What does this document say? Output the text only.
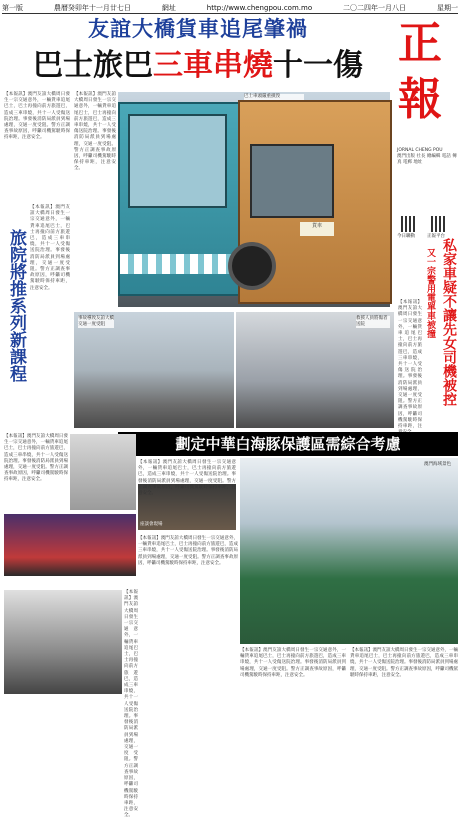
第一版	農曆癸卯年十一月廿七日	網址	http://www.chengpou.com.mo	二〇二四年一月八日	星期一
友誼大橋貨車追尾肇禍
巴士旅巴三車串燒十一傷 正報
JORNAL CHENG POU
澳門出版 社長 總編輯 電話 傳真 電郵 地址
今日聯動	正報平台
【本報訊】澳門友誼大橋周日發生一宗交通意外，一輛貨車追尾巴士，巴士再撞向前方旅遊巴，造成三車串燒，共十一人受傷送院治理。事發後消防局派員到場處理，交通一度受阻。警方正調查事故原因，呼籲司機駕駛時保持車距，注意安全。
【本報訊】澳門友誼大橋周日發生一宗交通意外，一輛貨車追尾巴士，巴士再撞向前方旅遊巴，造成三車串燒，共十一人受傷送院治理。事發後消防局派員到場處理，交通一度受阻。警方正調查事故原因，呼籲司機駕駛時保持車距，注意安全。
【本報訊】澳門友誼大橋周日發生一宗交通意外，一輛貨車追尾巴士，巴士再撞向前方旅遊巴，造成三車串燒，共十一人受傷送院治理。事發後消防局派員到場處理，交通一度受阻。警方正調查事故原因，呼籲司機駕駛時保持車距，注意安全。
貨車
巴士車頭嚴重損毀
旅院將推系列新課程	私家車疑不讓先女司機被控
又一宗警用電單車被撞
【本報訊】澳門友誼大橋周日發生一宗交通意外，一輛貨車追尾巴士，巴士再撞向前方旅遊巴，造成三車串燒，共十一人受傷送院治理。事發後消防局派員到場處理，交通一度受阻。警方正調查事故原因，呼籲司機駕駛時保持車距，注
事故導致友誼大橋交通一度受阻
救援人員將傷者送院
劃定中華白海豚保護區需綜合考慮
【本報訊】澳門友誼大橋周日發生一宗交通意外，一輛貨車追尾巴士，巴士再撞向前方旅遊巴，造成三車串燒，共十一人受傷送院治理。事發後消防局派員到場處理，交通一度受阻。警方正調查事故原因，呼籲司機駕駛時保持車距，注意安全。
【本報訊】澳門友誼大橋周日發生一宗交通意外，一輛貨車追尾巴士，巴士再撞向前方旅遊巴，造成三車串燒，共十一人受傷送院治理。事發後消防局派員到場處理，交通一度受阻。警方正調查事故原因，呼籲司機駕駛時保持車距，注意安全。
座談會現場
【本報訊】澳門友誼大橋周日發生一宗交通意外，一輛貨車追尾巴士，巴士再撞向前方旅遊巴，造成三車串燒，共十一人受傷送院治理。事發後消防局派員到場處理，交通一度受阻。警方正調查事故原因，呼籲司機駕駛時保持車距，注意安全。
澳門海域景色
【本報訊】澳門友誼大橋周日發生一宗交通意外，一輛貨車追尾巴士，巴士再撞向前方旅遊巴，造成三車串燒，共十一人受傷送院治理。事發後消防局派員到場處理，交通一度受阻。警方正調查事故原因，呼籲司機駕駛時保持車距，注意安全。
【本報訊】澳門友誼大橋周日發生一宗交通意外，一輛貨車追尾巴士，巴士再撞向前方旅遊巴，造成三車串燒，共十一人受傷送院治理。事發後消防局派員到場處理，交通一度受阻。警方正調查事故原因，呼籲司機駕駛時保持車距，注意安全。
【本報訊】澳門友誼大橋周日發生一宗交通意外，一輛貨車追尾巴士，巴士再撞向前方旅遊巴，造成三車串燒，共十一人受傷送院治理。事發後消防局派員到場處理，交通一度受阻。警方正調查事故原因，呼籲司機駕駛時保持車距，注意安全。
